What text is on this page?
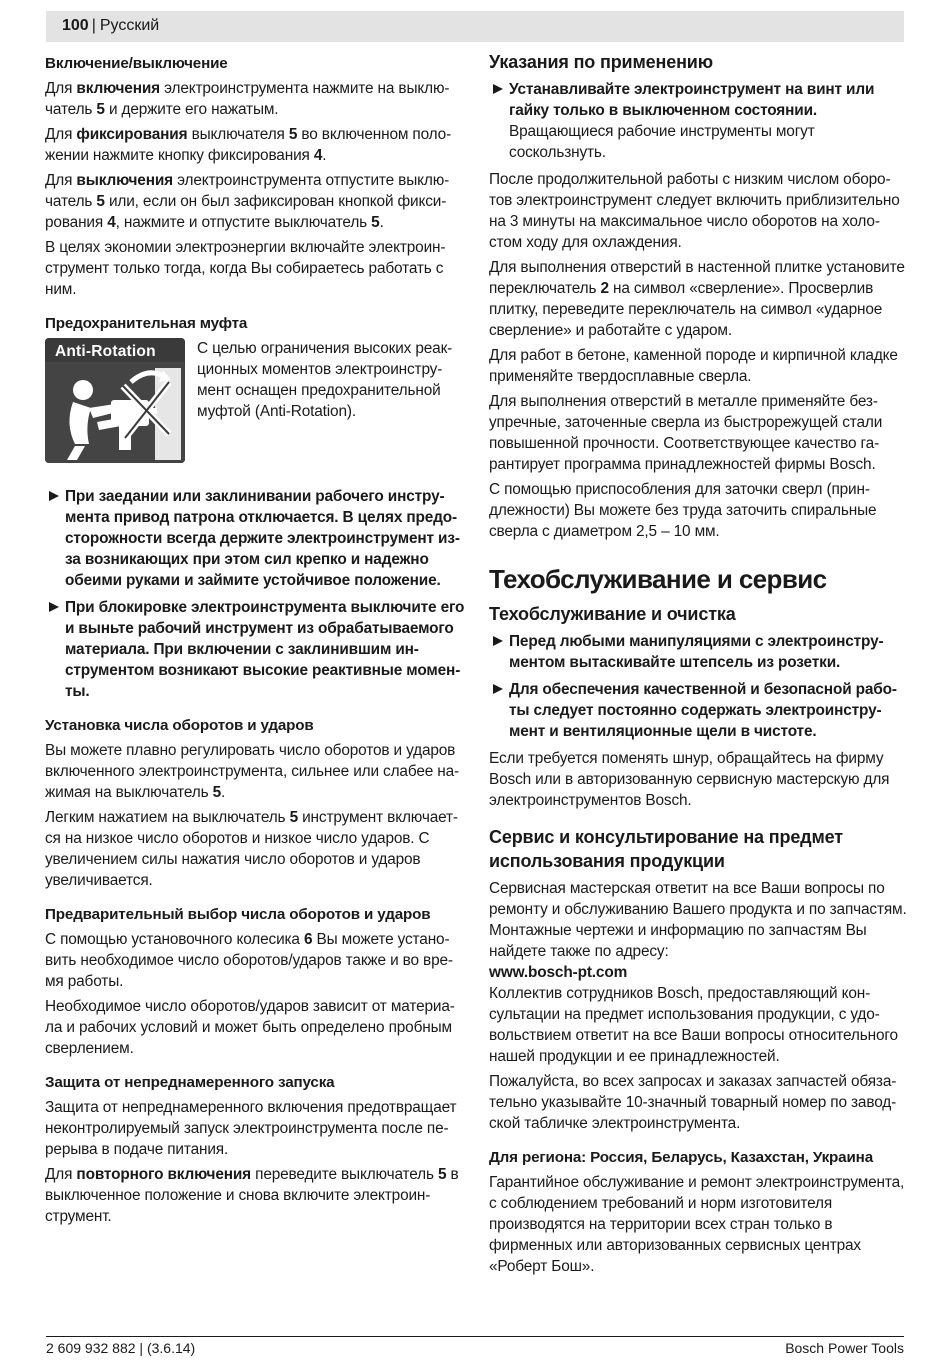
100 | Русский
Включение/выключение

Для включения электроинструмента нажмите на выключатель 5 и держите его нажатым.

Для фиксирования выключателя 5 во включенном положении нажмите кнопку фиксирования 4.

Для выключения электроинструмента отпустите выключатель 5 или, если он был зафиксирован кнопкой фиксирования 4, нажмите и отпустите выключатель 5.

В целях экономии электроэнергии включайте электроинструмент только тогда, когда Вы собираетесь работать с ним.

Предохранительная муфта
Anti-Rotation	С целью ограничения высоких реакционных моментов электроинструмент оснащен предохранительной муфтой (Anti-Rotation).
При заедании или заклинивании рабочего инструмента привод патрона отключается. В целях предосторожности всегда держите электроинструмент из-за возникающих при этом сил крепко и надежно обеими руками и займите устойчивое положение.
При блокировке электроинструмента выключите его и выньте рабочий инструмент из обрабатываемого материала. При включении с заклинившим инструментом возникают высокие реактивные моменты.
Установка числа оборотов и ударов

Вы можете плавно регулировать число оборотов и ударов включенного электроинструмента, сильнее или слабее нажимая на выключатель 5.

Легким нажатием на выключатель 5 инструмент включается на низкое число оборотов и низкое число ударов. С увеличением силы нажатия число оборотов и ударов увеличивается.

Предварительный выбор числа оборотов и ударов

С помощью установочного колесика 6 Вы можете установить необходимое число оборотов/ударов также и во время работы.

Необходимое число оборотов/ударов зависит от материала и рабочих условий и может быть определено пробным сверлением.

Защита от непреднамеренного запуска

Защита от непреднамеренного включения предотвращает неконтролируемый запуск электроинструмента после перерыва в подаче питания.

Для повторного включения переведите выключатель 5 в выключенное положение и снова включите электроинструмент.

Указания по применению
Устанавливайте электроинструмент на винт или гайку только в выключенном состоянии. Вращающиеся рабочие инструменты могут соскользнуть.

После продолжительной работы с низким числом оборотов электроинструмент следует включить приблизительно на 3 минуты на максимальное число оборотов на холостом ходу для охлаждения.

Для выполнения отверстий в настенной плитке установите переключатель 2 на символ «сверление». Просверлив плитку, переведите переключатель на символ «ударное сверление» и работайте с ударом.

Для работ в бетоне, каменной породе и кирпичной кладке применяйте твердосплавные сверла.

Для выполнения отверстий в металле применяйте безупречные, заточенные сверла из быстрорежущей стали повышенной прочности. Соответствующее качество гарантирует программа принадлежностей фирмы Bosch.

С помощью приспособления для заточки сверл (приндлежности) Вы можете без труда заточить спиральные сверла с диаметром 2,5 – 10 мм.

Техобслуживание и сервис
Техобслуживание и очистка
Перед любыми манипуляциями с электроинструментом вытаскивайте штепсель из розетки.
Для обеспечения качественной и безопасной работы следует постоянно содержать электроинструмент и вентиляционные щели в чистоте.

Если требуется поменять шнур, обращайтесь на фирму Bosch или в авторизованную сервисную мастерскую для электроинструментов Bosch.

Сервис и консультирование на предмет использования продукции

Сервисная мастерская ответит на все Ваши вопросы по ремонту и обслуживанию Вашего продукта и по запчастям. Монтажные чертежи и информацию по запчастям Вы найдете также по адресу:

www.bosch-pt.com

Коллектив сотрудников Bosch, предоставляющий консультации на предмет использования продукции, с удовольствием ответит на все Ваши вопросы относительного нашей продукции и ее принадлежностей.

Пожалуйста, во всех запросах и заказах запчастей обязательно указывайте 10-значный товарный номер по заводской табличке электроинструмента.

Для региона: Россия, Беларусь, Казахстан, Украина

Гарантийное обслуживание и ремонт электроинструмента, с соблюдением требований и норм изготовителя производятся на территории всех стран только в фирменных или авторизованных сервисных центрах «Роберт Бош».

2 609 932 882 | (3.6.14)	Bosch Power Tools
